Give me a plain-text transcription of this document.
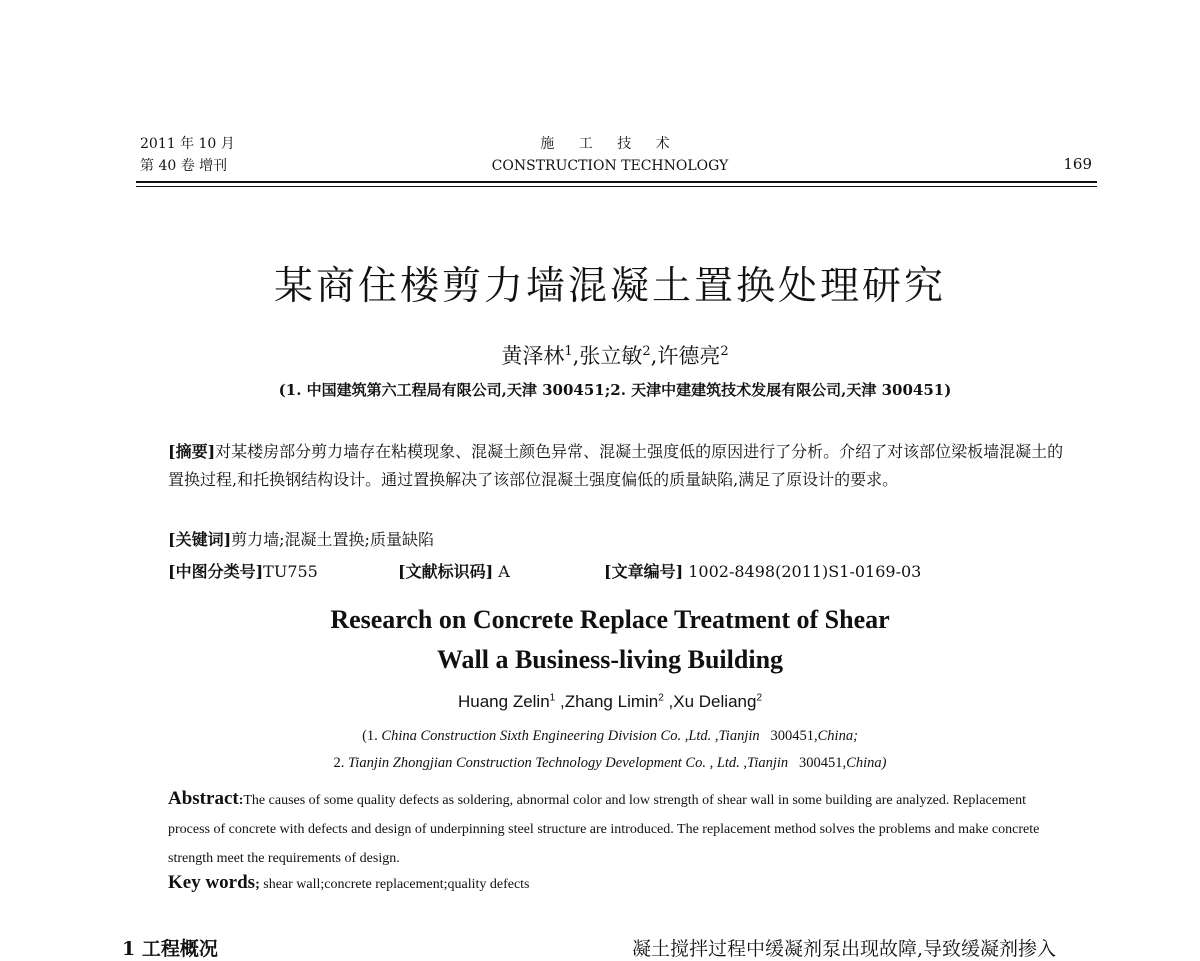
2011 年 10 月
第 40 卷 增刊
施 工 技 术
CONSTRUCTION TECHNOLOGY	169
某商住楼剪力墙混凝土置换处理研究
黄泽林$^1$,张立敏$^2$,许德亮$^2$
(1. 中国建筑第六工程局有限公司,天津 300451;2. 天津中建建筑技术发展有限公司,天津 300451)
[摘要]对某楼房部分剪力墙存在粘模现象、混凝土颜色异常、混凝土强度低的原因进行了分析。介绍了对该部位梁板墙混凝土的置换过程,和托换钢结构设计。通过置换解决了该部位混凝土强度偏低的质量缺陷,满足了原设计的要求。
[关键词]剪力墙;混凝土置换;质量缺陷
[中图分类号]TU755	[文献标识码] A	[文章编号] 1002-8498(2011)S1-0169-03
Research on Concrete Replace Treatment of Shear
Wall a Business-living Building
Huang Zelin$^1$ ,Zhang Limin$^2$ ,Xu Deliang$^2$
(1. China Construction Sixth Engineering Division Co. ,Ltd. ,Tianjin 300451,China;
2. Tianjin Zhongjian Construction Technology Development Co. , Ltd. ,Tianjin 300451,China)
Abstract:The causes of some quality defects as soldering, abnormal color and low strength of shear wall in some building are analyzed. Replacement process of concrete with defects and design of underpinning steel structure are introduced. The replacement method solves the problems and make concrete strength meet the requirements of design.
Key words; shear wall;concrete replacement;quality defects
1 工程概况	凝土搅拌过程中缓凝剂泵出现故障,导致缓凝剂掺入
